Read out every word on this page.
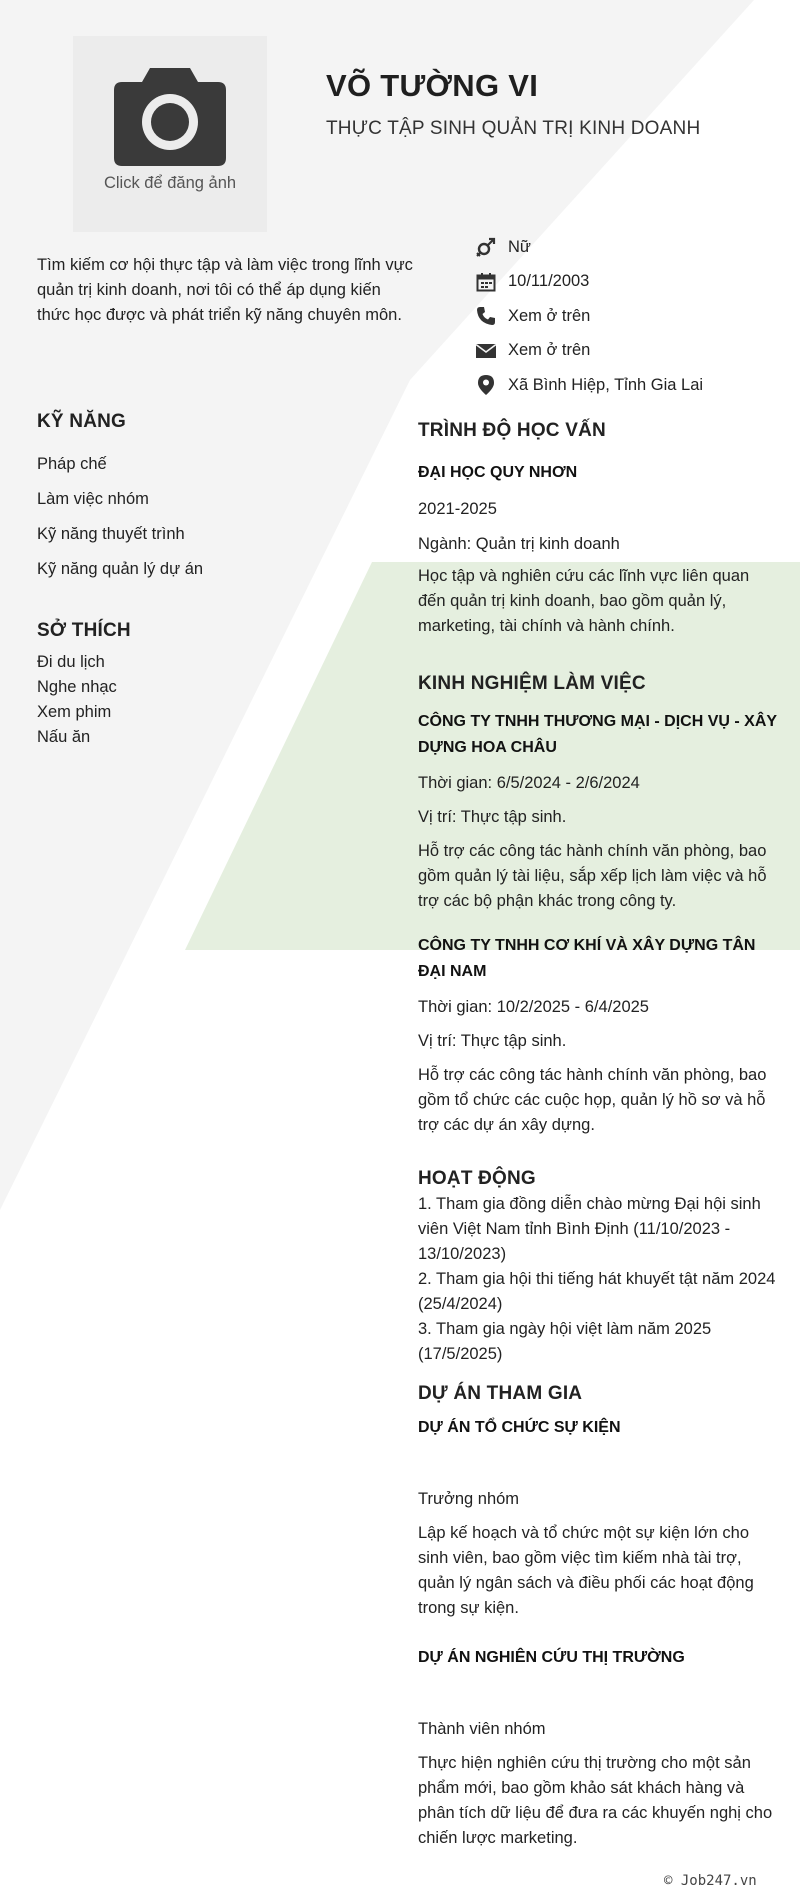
Click để đăng ảnh
VÕ TƯỜNG VI
THỰC TẬP SINH QUẢN TRỊ KINH DOANH
Tìm kiếm cơ hội thực tập và làm việc trong lĩnh vực quản trị kinh doanh, nơi tôi có thể áp dụng kiến thức học được và phát triển kỹ năng chuyên môn.
Nữ
10/11/2003
Xem ở trên
Xem ở trên
Xã Bình Hiệp, Tỉnh Gia Lai
KỸ NĂNG
Pháp chế
Làm việc nhóm
Kỹ năng thuyết trình
Kỹ năng quản lý dự án
SỞ THÍCH
Đi du lịch
Nghe nhạc
Xem phim
Nấu ăn
TRÌNH ĐỘ HỌC VẤN
ĐẠI HỌC QUY NHƠN
2021-2025
Ngành: Quản trị kinh doanh
Học tập và nghiên cứu các lĩnh vực liên quan đến quản trị kinh doanh, bao gồm quản lý, marketing, tài chính và hành chính.
KINH NGHIỆM LÀM VIỆC
CÔNG TY TNHH THƯƠNG MẠI - DỊCH VỤ - XÂY DỰNG HOA CHÂU
Thời gian: 6/5/2024 - 2/6/2024
Vị trí: Thực tập sinh.
Hỗ trợ các công tác hành chính văn phòng, bao gồm quản lý tài liệu, sắp xếp lịch làm việc và hỗ trợ các bộ phận khác trong công ty.
CÔNG TY TNHH CƠ KHÍ VÀ XÂY DỰNG TÂN ĐẠI NAM
Thời gian: 10/2/2025 - 6/4/2025
Vị trí: Thực tập sinh.
Hỗ trợ các công tác hành chính văn phòng, bao gồm tổ chức các cuộc họp, quản lý hồ sơ và hỗ trợ các dự án xây dựng.
HOẠT ĐỘNG
1. Tham gia đồng diễn chào mừng Đại hội sinh viên Việt Nam tỉnh Bình Định (11/10/2023 - 13/10/2023)
2. Tham gia hội thi tiếng hát khuyết tật năm 2024 (25/4/2024)
3. Tham gia ngày hội việt làm năm 2025 (17/5/2025)
DỰ ÁN THAM GIA
DỰ ÁN TỔ CHỨC SỰ KIỆN
Trưởng nhóm
Lập kế hoạch và tổ chức một sự kiện lớn cho sinh viên, bao gồm việc tìm kiếm nhà tài trợ, quản lý ngân sách và điều phối các hoạt động trong sự kiện.
DỰ ÁN NGHIÊN CỨU THỊ TRƯỜNG
Thành viên nhóm
Thực hiện nghiên cứu thị trường cho một sản phẩm mới, bao gồm khảo sát khách hàng và phân tích dữ liệu để đưa ra các khuyến nghị cho chiến lược marketing.
© Job247.vn
